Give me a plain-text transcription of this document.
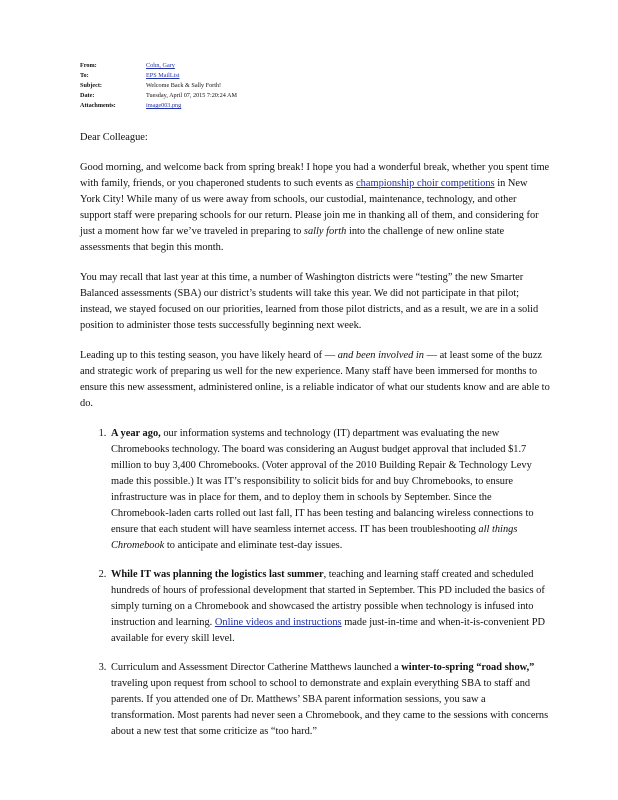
From:	Cohn, Gary
To:	EPS MailList
Subject:	Welcome Back & Sally Forth!
Date:	Tuesday, April 07, 2015 7:20:24 AM
Attachments:	image003.png

Dear Colleague:

Good morning, and welcome back from spring break! I hope you had a wonderful break, whether you spent time with family, friends, or you chaperoned students to such events as championship choir competitions in New York City! While many of us were away from schools, our custodial, maintenance, technology, and other support staff were preparing schools for our return. Please join me in thanking all of them, and considering for just a moment how far we’ve traveled in preparing to sally forth into the challenge of new online state assessments that begin this month.

You may recall that last year at this time, a number of Washington districts were “testing” the new Smarter Balanced assessments (SBA) our district’s students will take this year. We did not participate in that pilot; instead, we stayed focused on our priorities, learned from those pilot districts, and as a result, we are in a solid position to administer those tests successfully beginning next week.

Leading up to this testing season, you have likely heard of — and been involved in — at least some of the buzz and strategic work of preparing us well for the new experience. Many staff have been immersed for months to ensure this new assessment, administered online, is a reliable indicator of what our students know and are able to do.

1. A year ago, our information systems and technology (IT) department was evaluating the new Chromebooks technology. The board was considering an August budget approval that included $1.7 million to buy 3,400 Chromebooks. (Voter approval of the 2010 Building Repair & Technology Levy made this possible.) It was IT’s responsibility to solicit bids for and buy Chromebooks, to ensure infrastructure was in place for them, and to deploy them in schools by September. Since the Chromebook-laden carts rolled out last fall, IT has been testing and balancing wireless connections to ensure that each student will have seamless internet access. IT has been troubleshooting all things Chromebook to anticipate and eliminate test-day issues.
2. While IT was planning the logistics last summer, teaching and learning staff created and scheduled hundreds of hours of professional development that started in September. This PD included the basics of simply turning on a Chromebook and showcased the artistry possible when technology is infused into instruction and learning. Online videos and instructions made just-in-time and when-it-is-convenient PD available for every skill level.
3. Curriculum and Assessment Director Catherine Matthews launched a winter-to-spring “road show,” traveling upon request from school to school to demonstrate and explain everything SBA to staff and parents. If you attended one of Dr. Matthews’ SBA parent information sessions, you saw a transformation. Most parents had never seen a Chromebook, and they came to the sessions with concerns about a new test that some criticize as “too hard.”
